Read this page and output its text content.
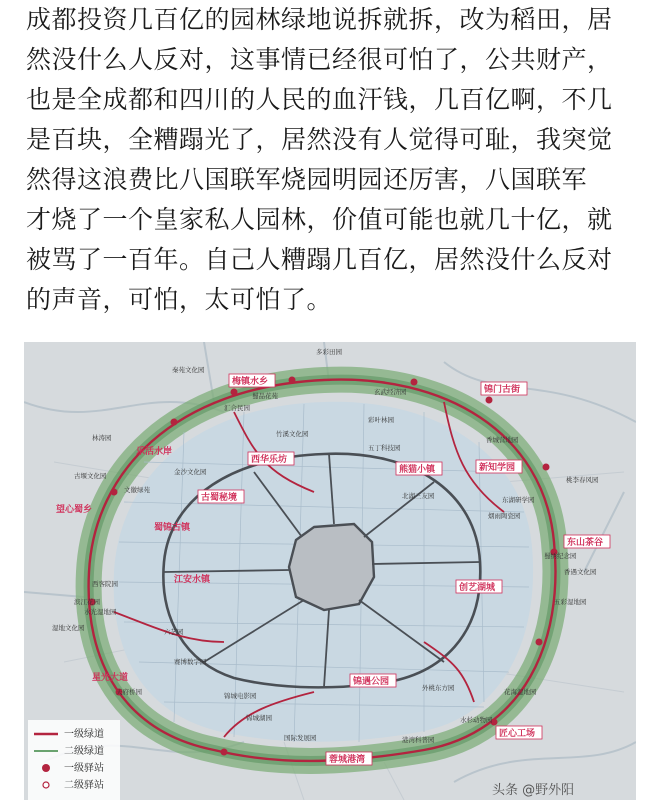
成都投资几百亿的园林绿地说拆就拆，改为稻田，居

然没什么人反对，这事情已经很可怕了，公共财产，

也是全成都和四川的人民的血汗钱，几百亿啊，不几

是百块，全糟蹋光了，居然没有人觉得可耻，我突觉

然得这浪费比八国联军烧园明园还厉害，八国联军

才烧了一个皇家私人园林，价值可能也就几十亿，就

被骂了一百年。自己人糟蹋几百亿，居然没什么反对

的声音，可怕，太可怕了。

锦门古街
梅镇水乡
乐活水岸
西华乐坊
熊猫小镇	新知学园
古蜀秘境
蜀锦古镇
望心蜀乡
江安水镇
东山茶谷
创艺湖城
星光大道	锦遇公园
蓉城港湾
匠心工场
多彩田园
秦苑文化园
蜀品花苑	玄武经济园
汇合民园
林涛园
彩叶林园
五丁科技园
竹溪文化园
香城营地园
古堰文化园	金沙文化园
北湖三友园
文徽绿苑
桃李春风园
东湖研学园
烟雨陶瓷园
蜀绣纪念园
香遇文化园
西客院园
湿地文化园
滨江花园
六艺园
赛博数字园
水光湿地园
锦城电影园
五彩湿地园
天府桥园	花海湿地园
锦城湖园
外桃东方园
国际发展园	港湾科普园
水杉动物园
一级绿道
二级绿道
一级驿站
二级驿站	头条 @野外阳
